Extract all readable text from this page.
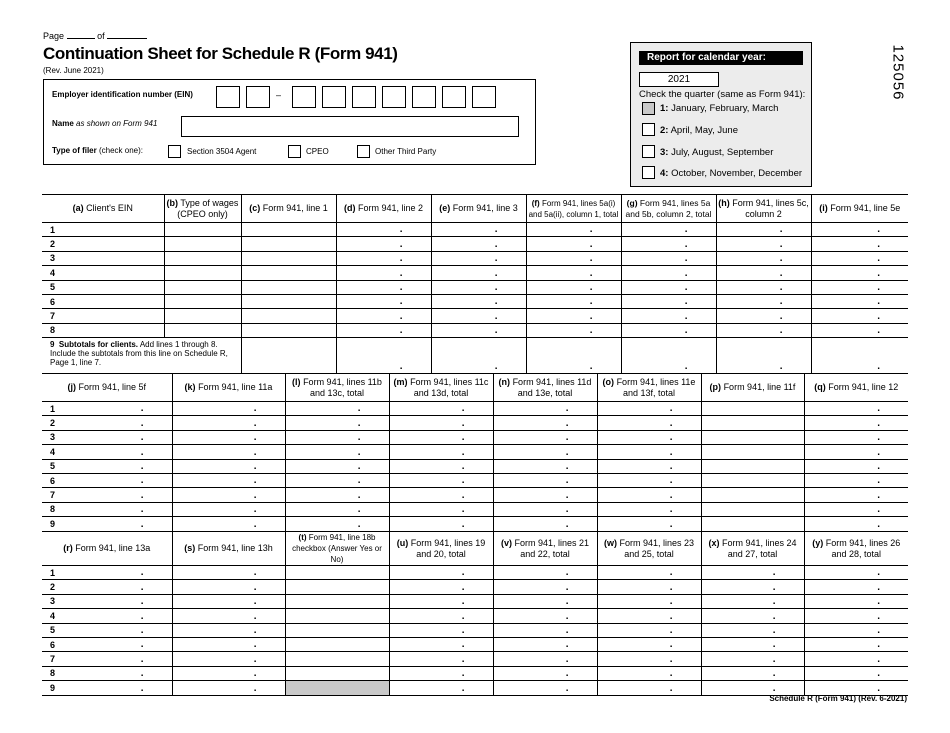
Page	of
Continuation Sheet for Schedule R (Form 941)
(Rev. June 2021)
Employer identification number (EIN)	–
Name as shown on Form 941
Type of filer (check one):	Section 3504 Agent	CPEO	Other Third Party
Report for calendar year:
2021
Check the quarter (same as Form 941):
1: January, February, March
2: April, May, June
3: July, August, September
4: October, November, December
125056
(a) Client's EIN	(b) Type of wages (CPEO only)	(c) Form 941, line 1	(d) Form 941, line 2	(e) Form 941, line 3	(f) Form 941, lines 5a(i) and 5a(ii), column 1, total	(g) Form 941, lines 5a and 5b, column 2, total	(h) Form 941, lines 5c, column 2	(i) Form 941, line 5e
1			.	.	.	.	.	.

2			.	.	.	.	.	.

3			.	.	.	.	.	.

4			.	.	.	.	.	.

5			.	.	.	.	.	.

6			.	.	.	.	.	.

7			.	.	.	.	.	.

8			.	.	.	.	.	.

9 Subtotals for clients. Add lines 1 through 8. Include the subtotals from this line on Schedule R, Page 1, line 7.			.	.	.	.	.	.
(j) Form 941, line 5f	(k) Form 941, line 11a	(l) Form 941, lines 11b and 13c, total	(m) Form 941, lines 11c and 13d, total	(n) Form 941, lines 11d and 13e, total	(o) Form 941, lines 11e and 13f, total	(p) Form 941, line 11f	(q) Form 941, line 12
1 .	.	.	.	.	.		.

2 .	.	.	.	.	.		.

3 .	.	.	.	.	.		.

4 .	.	.	.	.	.		.

5 .	.	.	.	.	.		.

6 .	.	.	.	.	.		.

7 .	.	.	.	.	.		.

8 .	.	.	.	.	.		.

9 .	.	.	.	.	.		.
(r) Form 941, line 13a	(s) Form 941, line 13h	(t) Form 941, line 18b checkbox (Answer Yes or No)	(u) Form 941, lines 19 and 20, total	(v) Form 941, lines 21 and 22, total	(w) Form 941, lines 23 and 25, total	(x) Form 941, lines 24 and 27, total	(y) Form 941, lines 26 and 28, total
1 .	.		.	.	.	.	.

2 .	.		.	.	.	.	.

3 .	.		.	.	.	.	.

4 .	.		.	.	.	.	.

5 .	.		.	.	.	.	.

6 .	.		.	.	.	.	.

7 .	.		.	.	.	.	.

8 .	.		.	.	.	.	.

9 .	.		.	.	.	.	.
Schedule R (Form 941) (Rev. 6-2021)
